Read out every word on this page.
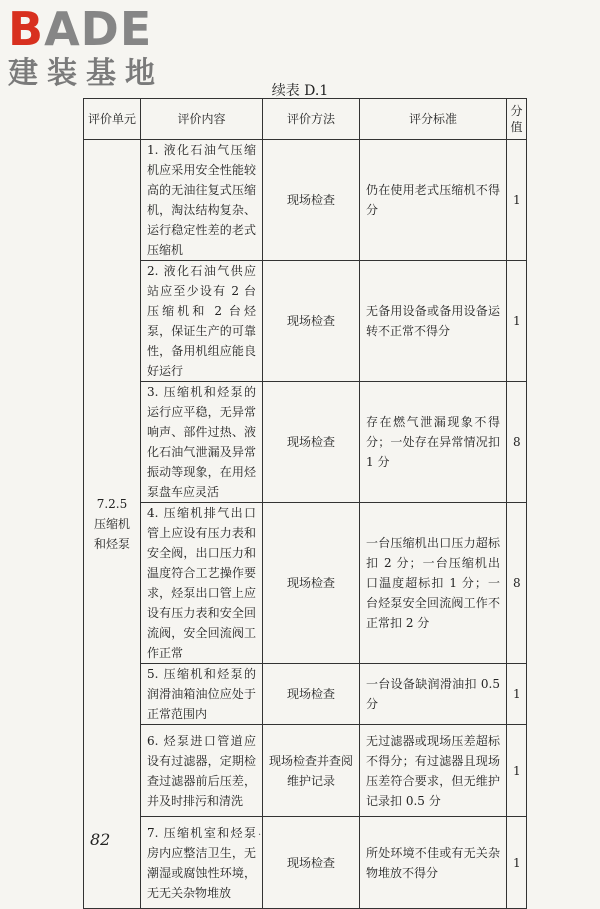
BADE
建装基地	续表 D.1
评价单元	评价内容	评价方法	评分标准	分值
7.2.5 压缩机和烃泵	1. 液化石油气压缩机应采用安全性能较高的无油往复式压缩机，淘汰结构复杂、运行稳定性差的老式压缩机	现场检查	仍在使用老式压缩机不得分	1
	2. 液化石油气供应站应至少设有 2 台压缩机和 2 台烃泵，保证生产的可靠性，备用机组应能良好运行	现场检查	无备用设备或备用设备运转不正常不得分	1
	3. 压缩机和烃泵的运行应平稳，无异常响声、部件过热、液化石油气泄漏及异常振动等现象，在用烃泵盘车应灵活	现场检查	存在燃气泄漏现象不得分；一处存在异常情况扣 1 分	8
	4. 压缩机排气出口管上应设有压力表和安全阀，出口压力和温度符合工艺操作要求，烃泵出口管上应设有压力表和安全回流阀，安全回流阀工作正常	现场检查	一台压缩机出口压力超标扣 2 分；一台压缩机出口温度超标扣 1 分；一台烃泵安全回流阀工作不正常扣 2 分	8
	5. 压缩机和烃泵的润滑油箱油位应处于正常范围内	现场检查	一台设备缺润滑油扣 0.5 分	1
	6. 烃泵进口管道应设有过滤器，定期检查过滤器前后压差，并及时排污和清洗	现场检查并查阅维护记录	无过滤器或现场压差超标不得分；有过滤器且现场压差符合要求，但无维护记录扣 0.5 分	1
	7. 压缩机室和烃泵房内应整洁卫生，无潮湿或腐蚀性环境，无无关杂物堆放	现场检查	所处环境不佳或有无关杂物堆放不得分	1
82	·
